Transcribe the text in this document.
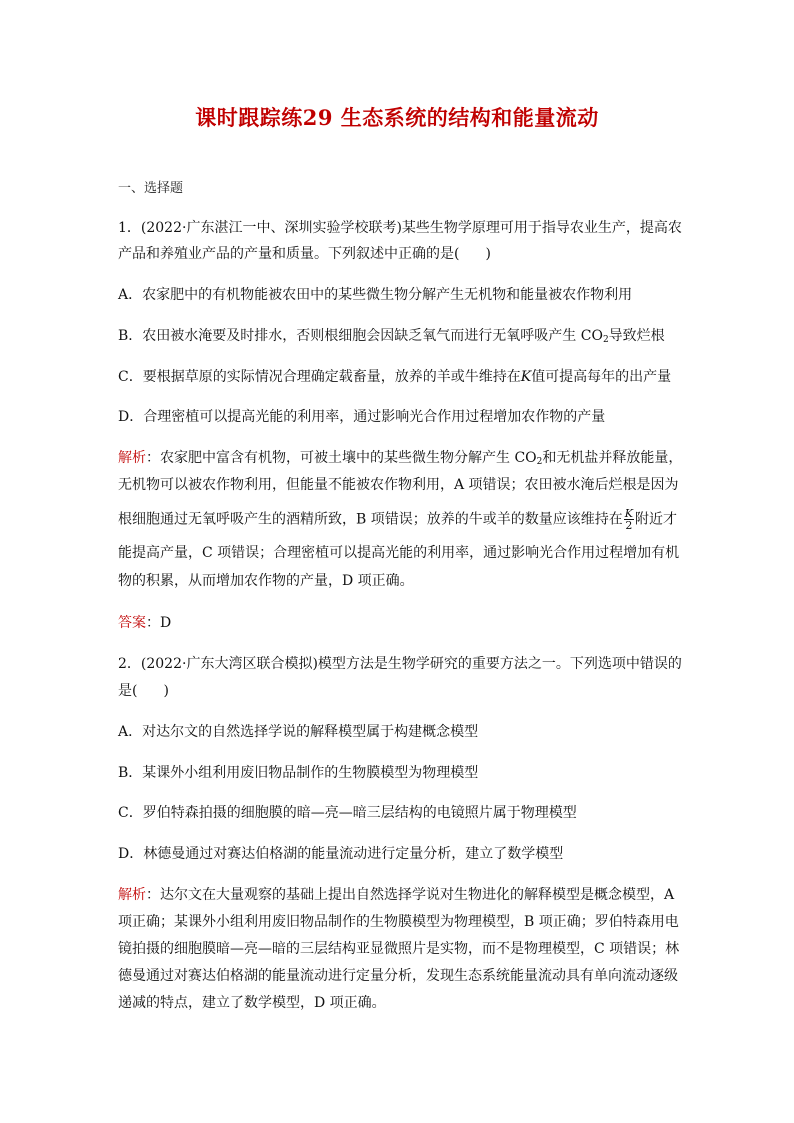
课时跟踪练29 生态系统的结构和能量流动
一、选择题
1．(2022·广东湛江一中、深圳实验学校联考)某些生物学原理可用于指导农业生产，提高农
产品和养殖业产品的产量和质量。下列叙述中正确的是( )
A．农家肥中的有机物能被农田中的某些微生物分解产生无机物和能量被农作物利用
B．农田被水淹要及时排水，否则根细胞会因缺乏氧气而进行无氧呼吸产生 $CO_2$导致烂根
C．要根据草原的实际情况合理确定载畜量，放养的羊或牛维持在K值可提高每年的出产量
D．合理密植可以提高光能的利用率，通过影响光合作用过程增加农作物的产量
解析：农家肥中富含有机物，可被土壤中的某些微生物分解产生 $CO_2$和无机盐并释放能量，
无机物可以被农作物利用，但能量不能被农作物利用，A 项错误；农田被水淹后烂根是因为
根细胞通过无氧呼吸产生的酒精所致，B 项错误；放养的牛或羊的数量应该维持在 $\frac{K}{2}$ 附近才
能提高产量，C 项错误；合理密植可以提高光能的利用率，通过影响光合作用过程增加有机
物的积累，从而增加农作物的产量，D 项正确。
答案：D
2．(2022·广东大湾区联合模拟)模型方法是生物学研究的重要方法之一。下列选项中错误的
是( )
A．对达尔文的自然选择学说的解释模型属于构建概念模型
B．某课外小组利用废旧物品制作的生物膜模型为物理模型
C．罗伯特森拍摄的细胞膜的暗—亮—暗三层结构的电镜照片属于物理模型
D．林德曼通过对赛达伯格湖的能量流动进行定量分析，建立了数学模型
解析：达尔文在大量观察的基础上提出自然选择学说对生物进化的解释模型是概念模型，A
项正确；某课外小组利用废旧物品制作的生物膜模型为物理模型，B 项正确；罗伯特森用电
镜拍摄的细胞膜暗—亮—暗的三层结构亚显微照片是实物，而不是物理模型，C 项错误；林
德曼通过对赛达伯格湖的能量流动进行定量分析，发现生态系统能量流动具有单向流动逐级
递减的特点，建立了数学模型，D 项正确。
